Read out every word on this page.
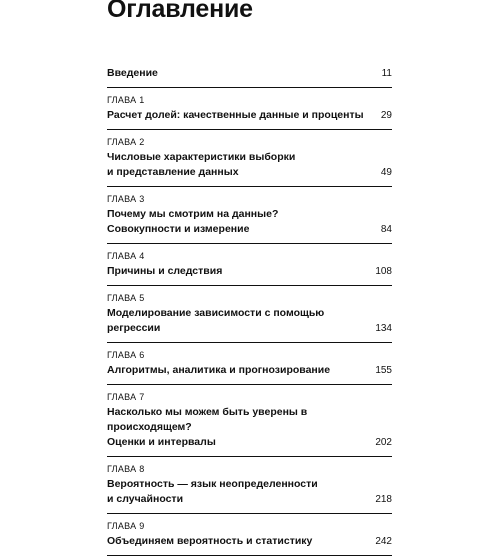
Оглавление
Введение	11
ГЛАВА 1
Расчет долей: качественные данные и проценты	29
ГЛАВА 2
Числовые характеристики выборки
и представление данных	49
ГЛАВА 3
Почему мы смотрим на данные?
Совокупности и измерение	84
ГЛАВА 4
Причины и следствия	108
ГЛАВА 5
Моделирование зависимости с помощью регрессии	134
ГЛАВА 6
Алгоритмы, аналитика и прогнозирование	155
ГЛАВА 7
Насколько мы можем быть уверены в происходящем?
Оценки и интервалы	202
ГЛАВА 8
Вероятность — язык неопределенности
и случайности	218
ГЛАВА 9
Объединяем вероятность и статистику	242
